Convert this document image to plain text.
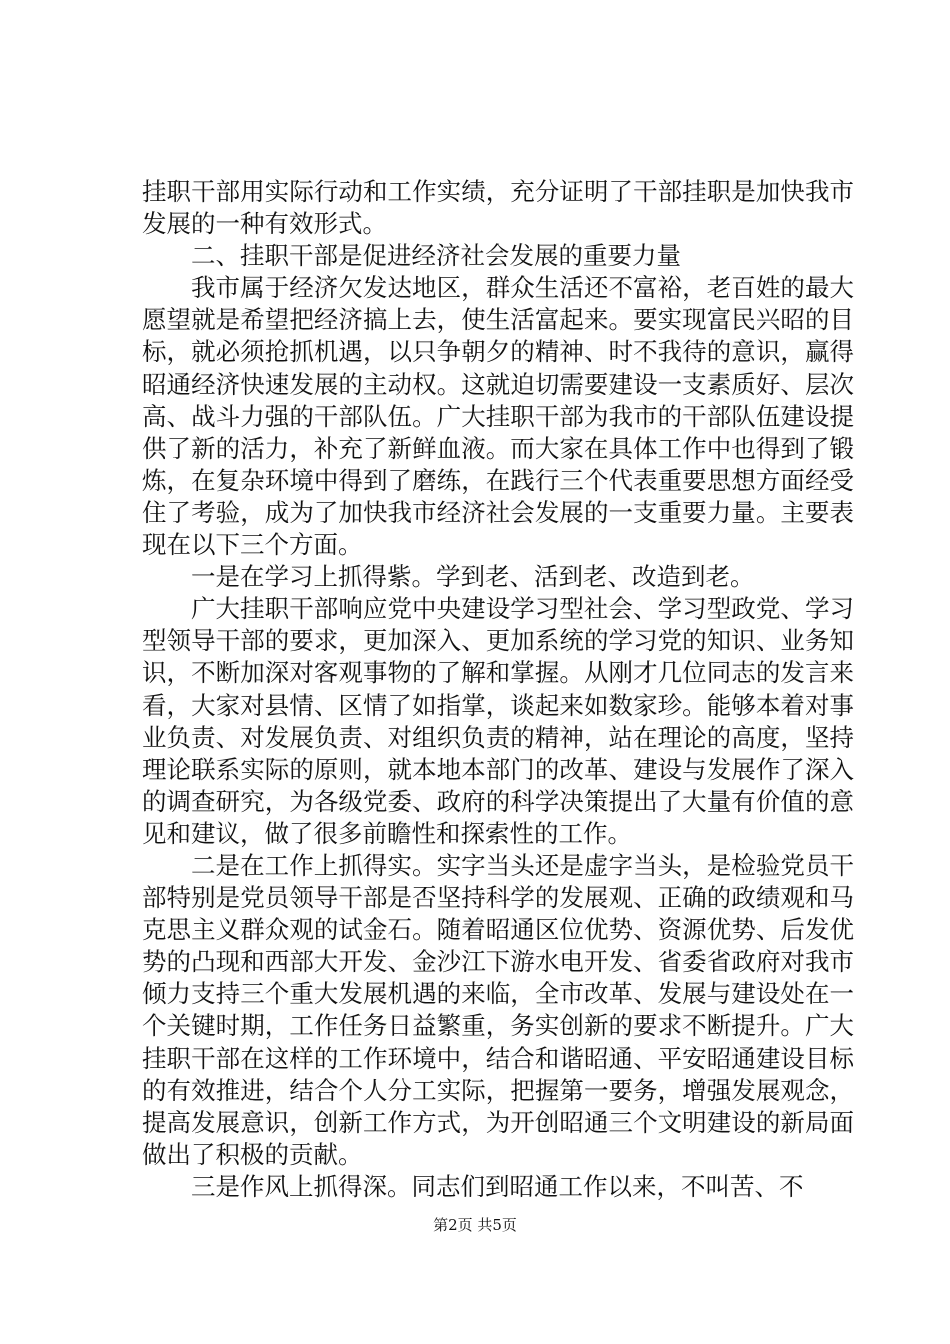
挂职干部用实际行动和工作实绩，充分证明了干部挂职是加快我市发展的一种有效形式。

二、挂职干部是促进经济社会发展的重要力量

我市属于经济欠发达地区，群众生活还不富裕，老百姓的最大愿望就是希望把经济搞上去，使生活富起来。要实现富民兴昭的目标，就必须抢抓机遇，以只争朝夕的精神、时不我待的意识，赢得昭通经济快速发展的主动权。这就迫切需要建设一支素质好、层次高、战斗力强的干部队伍。广大挂职干部为我市的干部队伍建设提供了新的活力，补充了新鲜血液。而大家在具体工作中也得到了锻炼，在复杂环境中得到了磨练，在践行三个代表重要思想方面经受住了考验，成为了加快我市经济社会发展的一支重要力量。主要表现在以下三个方面。

一是在学习上抓得紫。学到老、活到老、改造到老。

广大挂职干部响应党中央建设学习型社会、学习型政党、学习型领导干部的要求，更加深入、更加系统的学习党的知识、业务知识，不断加深对客观事物的了解和掌握。从刚才几位同志的发言来看，大家对县情、区情了如指掌，谈起来如数家珍。能够本着对事业负责、对发展负责、对组织负责的精神，站在理论的高度，坚持理论联系实际的原则，就本地本部门的改革、建设与发展作了深入的调查研究，为各级党委、政府的科学决策提出了大量有价值的意见和建议，做了很多前瞻性和探索性的工作。

二是在工作上抓得实。实字当头还是虚字当头，是检验党员干部特别是党员领导干部是否坚持科学的发展观、正确的政绩观和马克思主义群众观的试金石。随着昭通区位优势、资源优势、后发优势的凸现和西部大开发、金沙江下游水电开发、省委省政府对我市倾力支持三个重大发展机遇的来临，全市改革、发展与建设处在一个关键时期，工作任务日益繁重，务实创新的要求不断提升。广大挂职干部在这样的工作环境中，结合和谐昭通、平安昭通建设目标的有效推进，结合个人分工实际，把握第一要务，增强发展观念，提高发展意识，创新工作方式，为开创昭通三个文明建设的新局面做出了积极的贡献。

三是作风上抓得深。同志们到昭通工作以来，不叫苦、不

第2页 共5页
